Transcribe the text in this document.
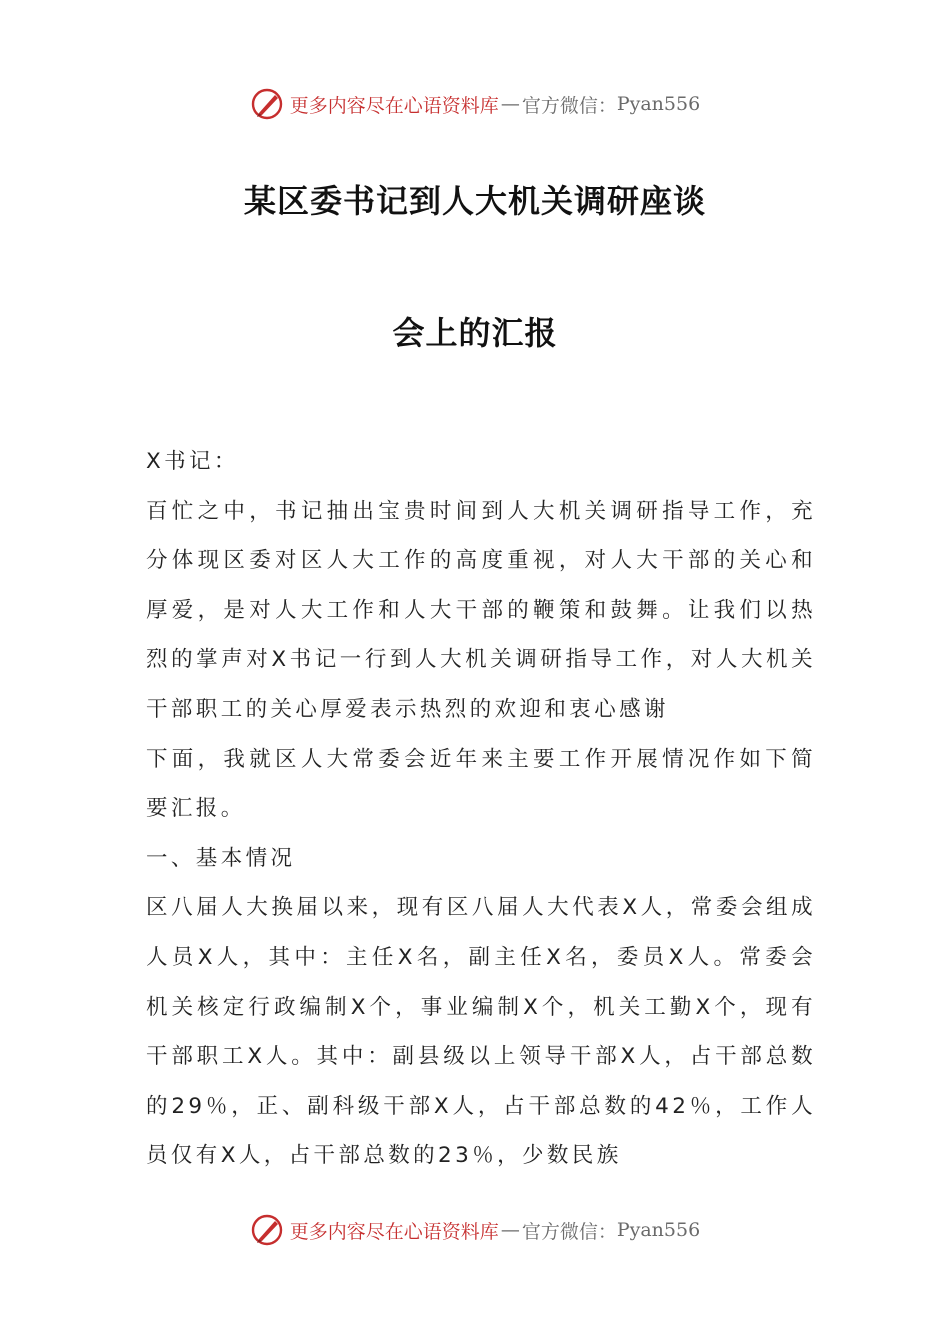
更多内容尽在心语资料库 — 官方微信： Pyan556
某区委书记到人大机关调研座谈
会上的汇报

X书记：

百忙之中，书记抽出宝贵时间到人大机关调研指导工作，充分体现区委对区人大工作的高度重视，对人大干部的关心和厚爱，是对人大工作和人大干部的鞭策和鼓舞。让我们以热烈的掌声对X书记一行到人大机关调研指导工作，对人大机关干部职工的关心厚爱表示热烈的欢迎和衷心感谢

下面，我就区人大常委会近年来主要工作开展情况作如下简要汇报。

一、基本情况

区八届人大换届以来，现有区八届人大代表X人，常委会组成人员X人，其中：主任X名，副主任X名，委员X人。常委会机关核定行政编制X个，事业编制X个，机关工勤X个，现有干部职工X人。其中：副县级以上领导干部X人，占干部总数的29％，正、副科级干部X人，占干部总数的42％，工作人员仅有X人，占干部总数的23％，少数民族

更多内容尽在心语资料库 — 官方微信： Pyan556
